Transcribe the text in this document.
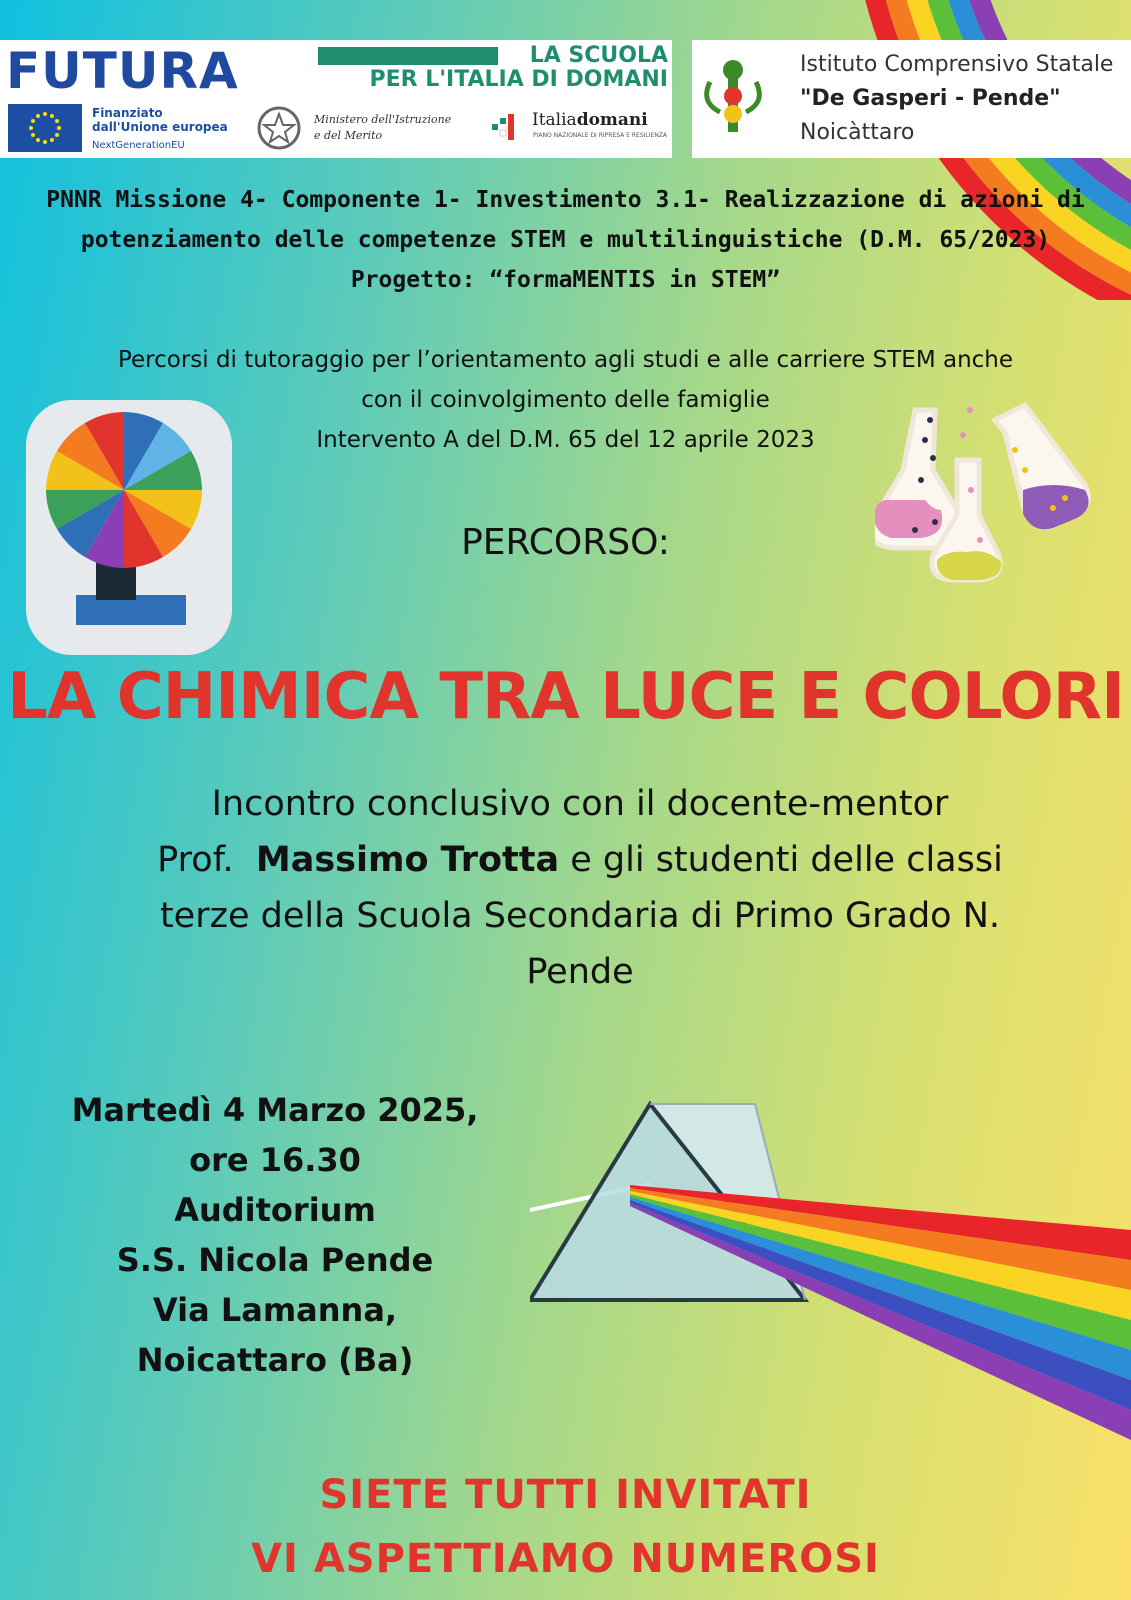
FUTURA	LA SCUOLA
PER L'ITALIA DI DOMANI
Finanziato
dall'Unione europea
NextGenerationEU
Ministero dell'Istruzione
e del Merito
Italiadomani
PIANO NAZIONALE DI RIPRESA E RESILIENZA
Istituto Comprensivo Statale
"De Gasperi - Pende"
Noicàttaro
PNNR Missione 4- Componente 1- Investimento 3.1- Realizzazione di azioni di
potenziamento delle competenze STEM e multilinguistiche (D.M. 65/2023)
Progetto: “formaMENTIS in STEM”
Percorsi di tutoraggio per l’orientamento agli studi e alle carriere STEM anche
con il coinvolgimento delle famiglie
Intervento A del D.M. 65 del 12 aprile 2023
PERCORSO:
LA CHIMICA TRA LUCE E COLORI
Incontro conclusivo con il docente-mentor
Prof. Massimo Trotta e gli studenti delle classi
terze della Scuola Secondaria di Primo Grado N.
Pende
Martedì 4 Marzo 2025,
ore 16.30
Auditorium
S.S. Nicola Pende
Via Lamanna,
Noicattaro (Ba)
SIETE TUTTI INVITATI
VI ASPETTIAMO NUMEROSI
